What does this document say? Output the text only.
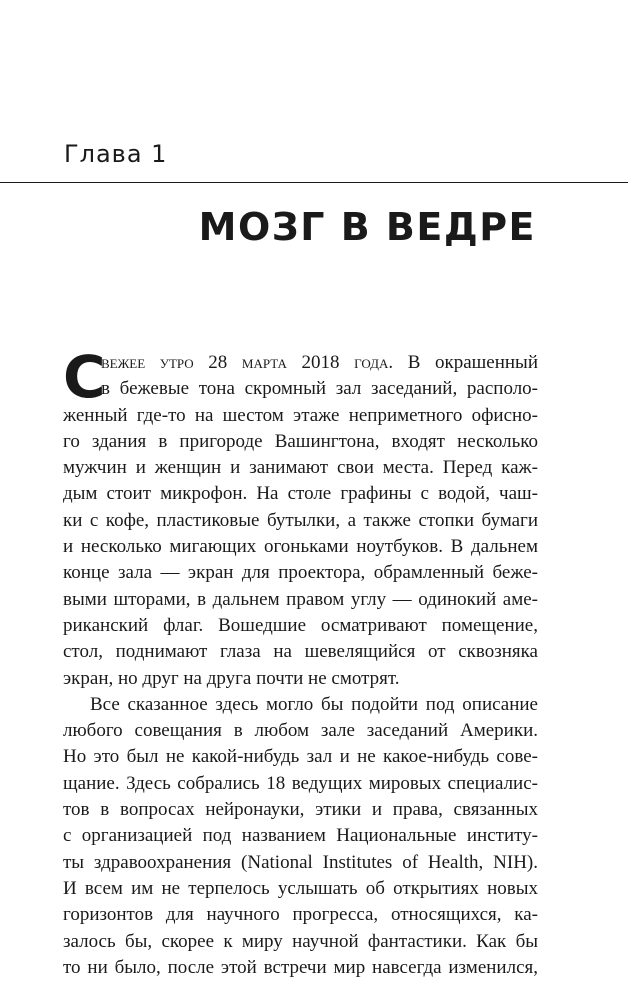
Глава 1
МОЗГ В ВЕДРЕ
С
вежее утро 28 марта 2018 года. В окрашенный
в бежевые тона скромный зал заседаний, располо-
женный где-то на шестом этаже неприметного офисно-
го здания в пригороде Вашингтона, входят несколько
мужчин и женщин и занимают свои места. Перед каж-
дым стоит микрофон. На столе графины с водой, чаш-
ки с кофе, пластиковые бутылки, а также стопки бумаги
и несколько мигающих огоньками ноутбуков. В дальнем
конце зала — экран для проектора, обрамленный беже-
выми шторами, в дальнем правом углу — одинокий аме-
риканский флаг. Вошедшие осматривают помещение,
стол, поднимают глаза на шевелящийся от сквозняка
экран, но друг на друга почти не смотрят.
Все сказанное здесь могло бы подойти под описание
любого совещания в любом зале заседаний Америки.
Но это был не какой-нибудь зал и не какое-нибудь сове-
щание. Здесь собрались 18 ведущих мировых специалис-
тов в вопросах нейронауки, этики и права, связанных
с организацией под названием Национальные институ-
ты здравоохранения (National Institutes of Health, NIH).
И всем им не терпелось услышать об открытиях новых
горизонтов для научного прогресса, относящихся, ка-
залось бы, скорее к миру научной фантастики. Как бы
то ни было, после этой встречи мир навсегда изменился,
